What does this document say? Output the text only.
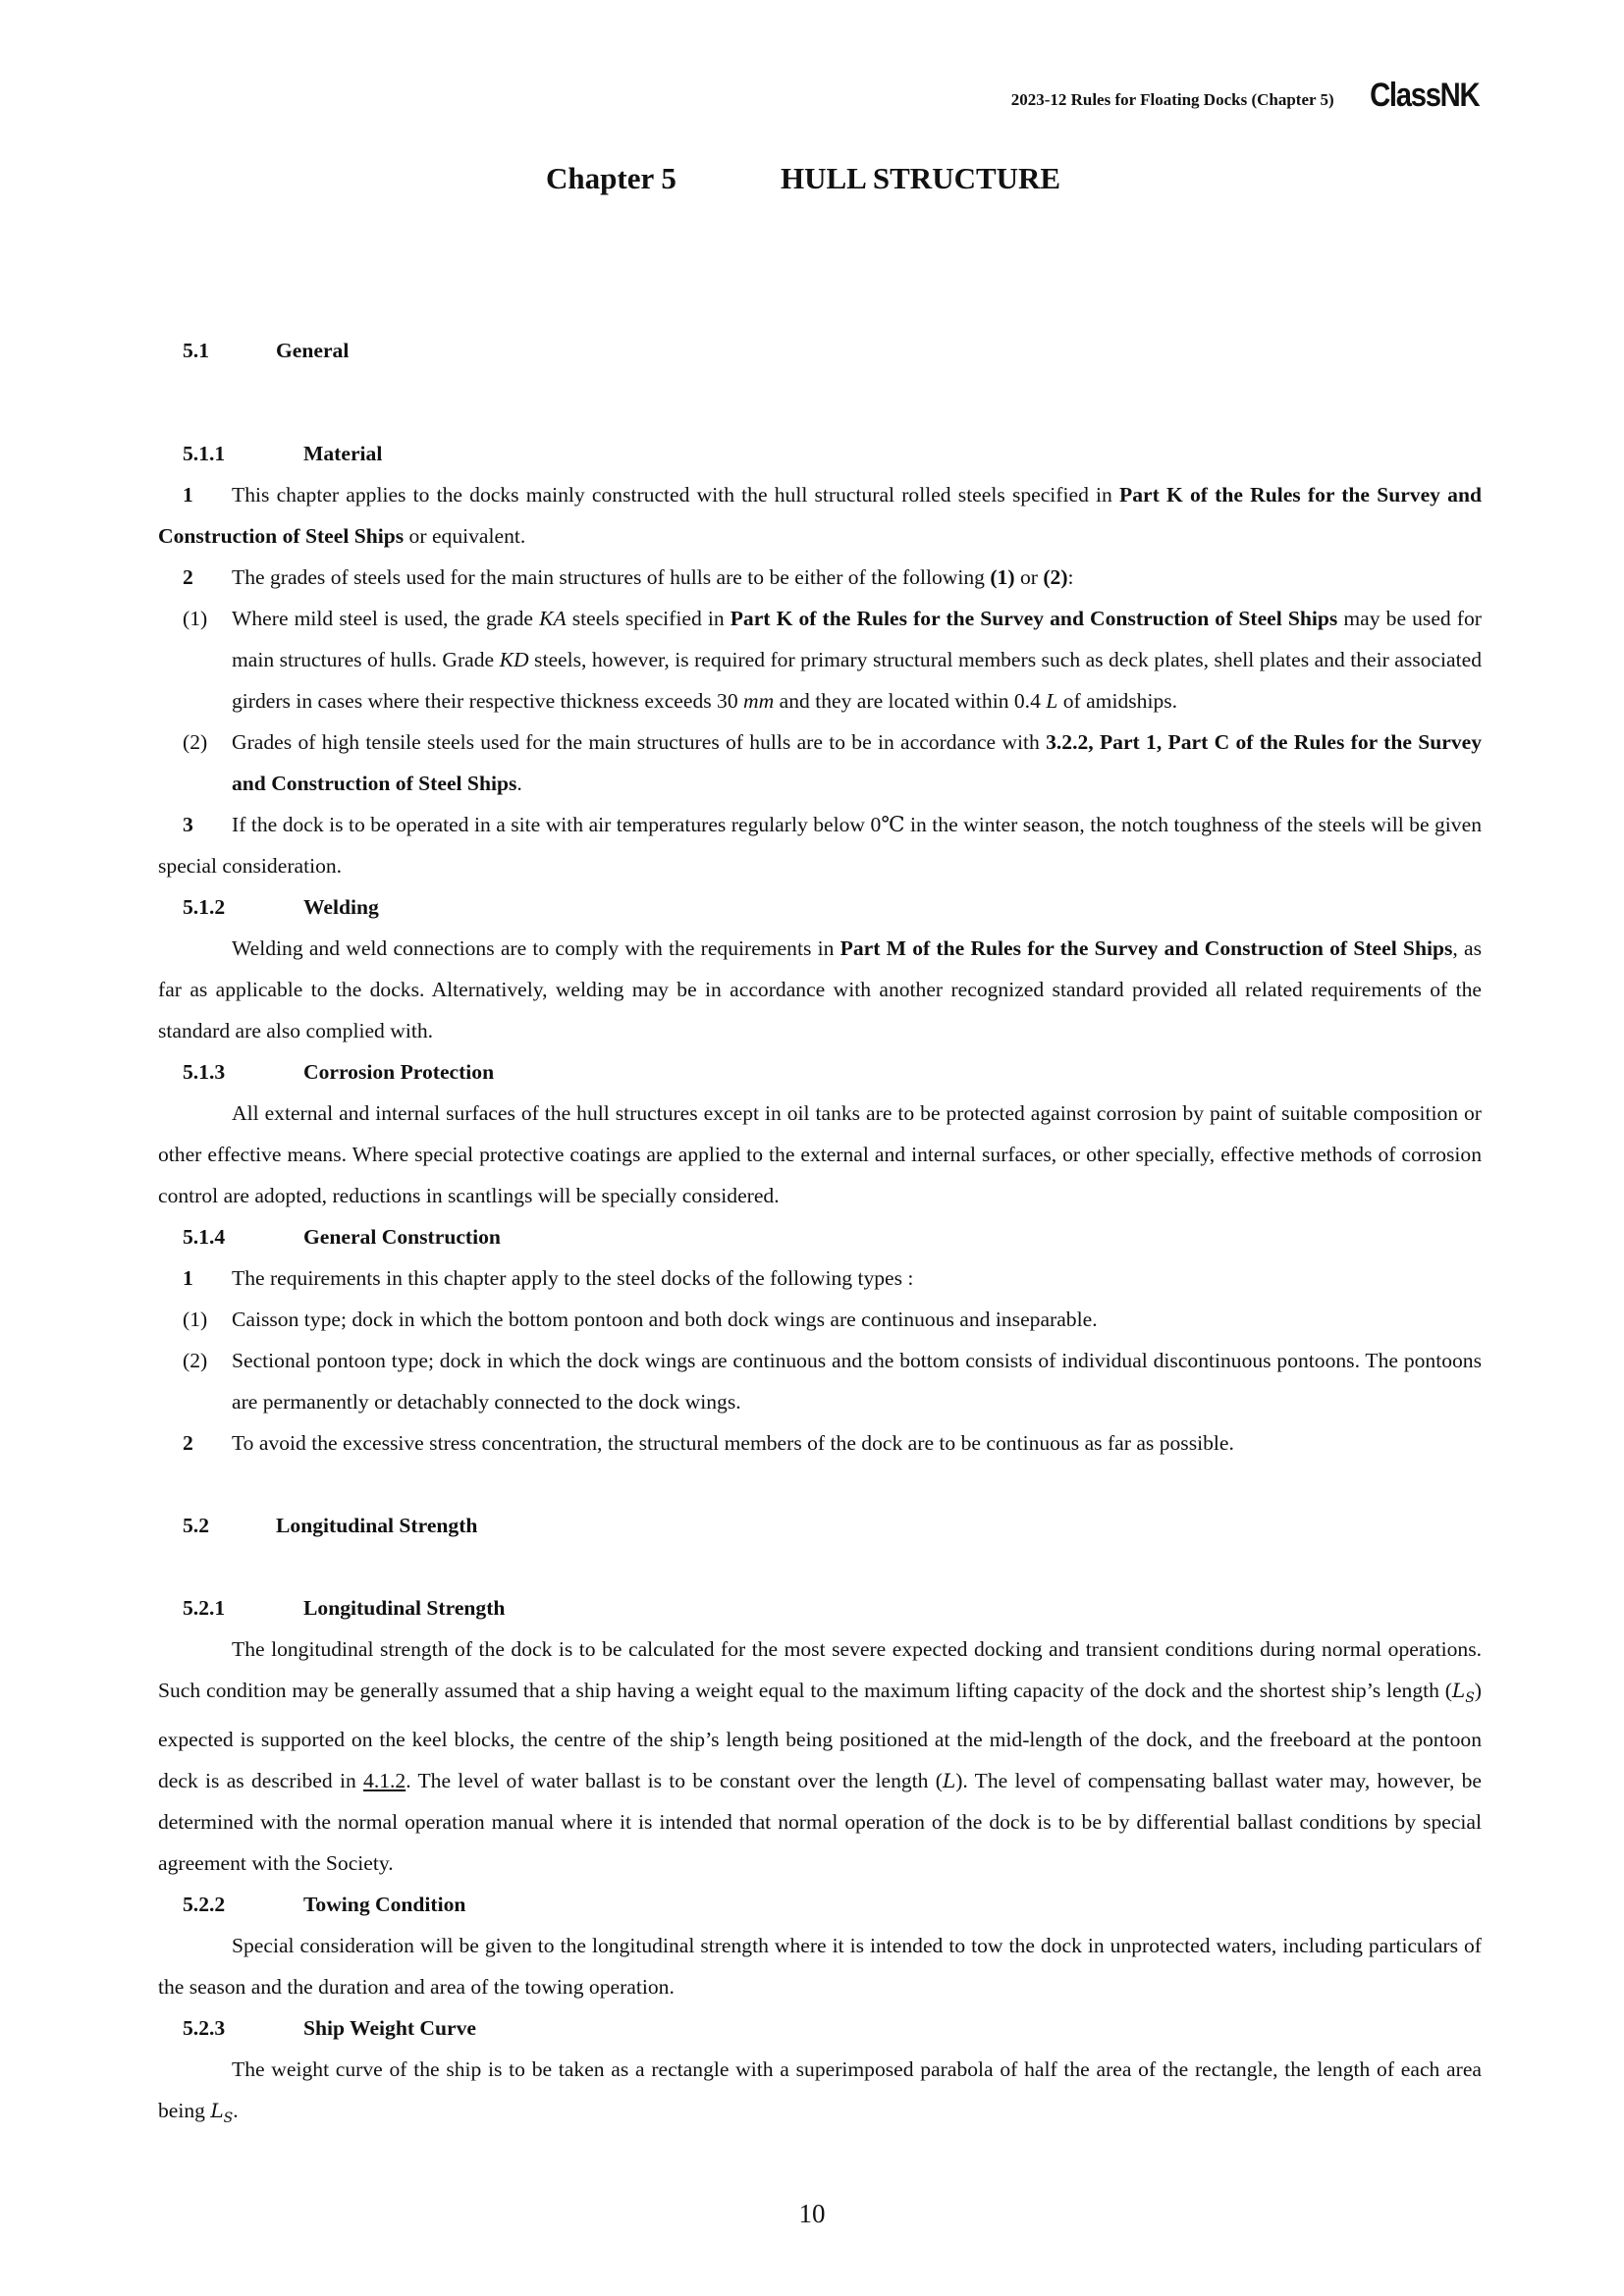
2023-12 Rules for Floating Docks (Chapter 5) ClassNK
Chapter 5	HULL STRUCTURE
5.1	General
5.1.1	Material

1 This chapter applies to the docks mainly constructed with the hull structural rolled steels specified in Part K of the Rules for the Survey and Construction of Steel Ships or equivalent.

2 The grades of steels used for the main structures of hulls are to be either of the following (1) or (2):

(1) Where mild steel is used, the grade KA steels specified in Part K of the Rules for the Survey and Construction of Steel Ships may be used for main structures of hulls. Grade KD steels, however, is required for primary structural members such as deck plates, shell plates and their associated girders in cases where their respective thickness exceeds 30 mm and they are located within 0.4 L of amidships.

(2) Grades of high tensile steels used for the main structures of hulls are to be in accordance with 3.2.2, Part 1, Part C of the Rules for the Survey and Construction of Steel Ships.

3 If the dock is to be operated in a site with air temperatures regularly below 0℃ in the winter season, the notch toughness of the steels will be given special consideration.

5.1.2	Welding

Welding and weld connections are to comply with the requirements in Part M of the Rules for the Survey and Construction of Steel Ships, as far as applicable to the docks. Alternatively, welding may be in accordance with another recognized standard provided all related requirements of the standard are also complied with.

5.1.3	Corrosion Protection

All external and internal surfaces of the hull structures except in oil tanks are to be protected against corrosion by paint of suitable composition or other effective means. Where special protective coatings are applied to the external and internal surfaces, or other specially, effective methods of corrosion control are adopted, reductions in scantlings will be specially considered.

5.1.4	General Construction

1 The requirements in this chapter apply to the steel docks of the following types :

(1) Caisson type; dock in which the bottom pontoon and both dock wings are continuous and inseparable.

(2) Sectional pontoon type; dock in which the dock wings are continuous and the bottom consists of individual discontinuous pontoons. The pontoons are permanently or detachably connected to the dock wings.

2 To avoid the excessive stress concentration, the structural members of the dock are to be continuous as far as possible.

5.2	Longitudinal Strength
5.2.1	Longitudinal Strength

The longitudinal strength of the dock is to be calculated for the most severe expected docking and transient conditions during normal operations. Such condition may be generally assumed that a ship having a weight equal to the maximum lifting capacity of the dock and the shortest ship’s length $(L_S)$ expected is supported on the keel blocks, the centre of the ship’s length being positioned at the mid-length of the dock, and the freeboard at the pontoon deck is as described in 4.1.2. The level of water ballast is to be constant over the length (L). The level of compensating ballast water may, however, be determined with the normal operation manual where it is intended that normal operation of the dock is to be by differential ballast conditions by special agreement with the Society.

5.2.2	Towing Condition

Special consideration will be given to the longitudinal strength where it is intended to tow the dock in unprotected waters, including particulars of the season and the duration and area of the towing operation.

5.2.3	Ship Weight Curve

The weight curve of the ship is to be taken as a rectangle with a superimposed parabola of half the area of the rectangle, the length of each area being $L_S$.

10
